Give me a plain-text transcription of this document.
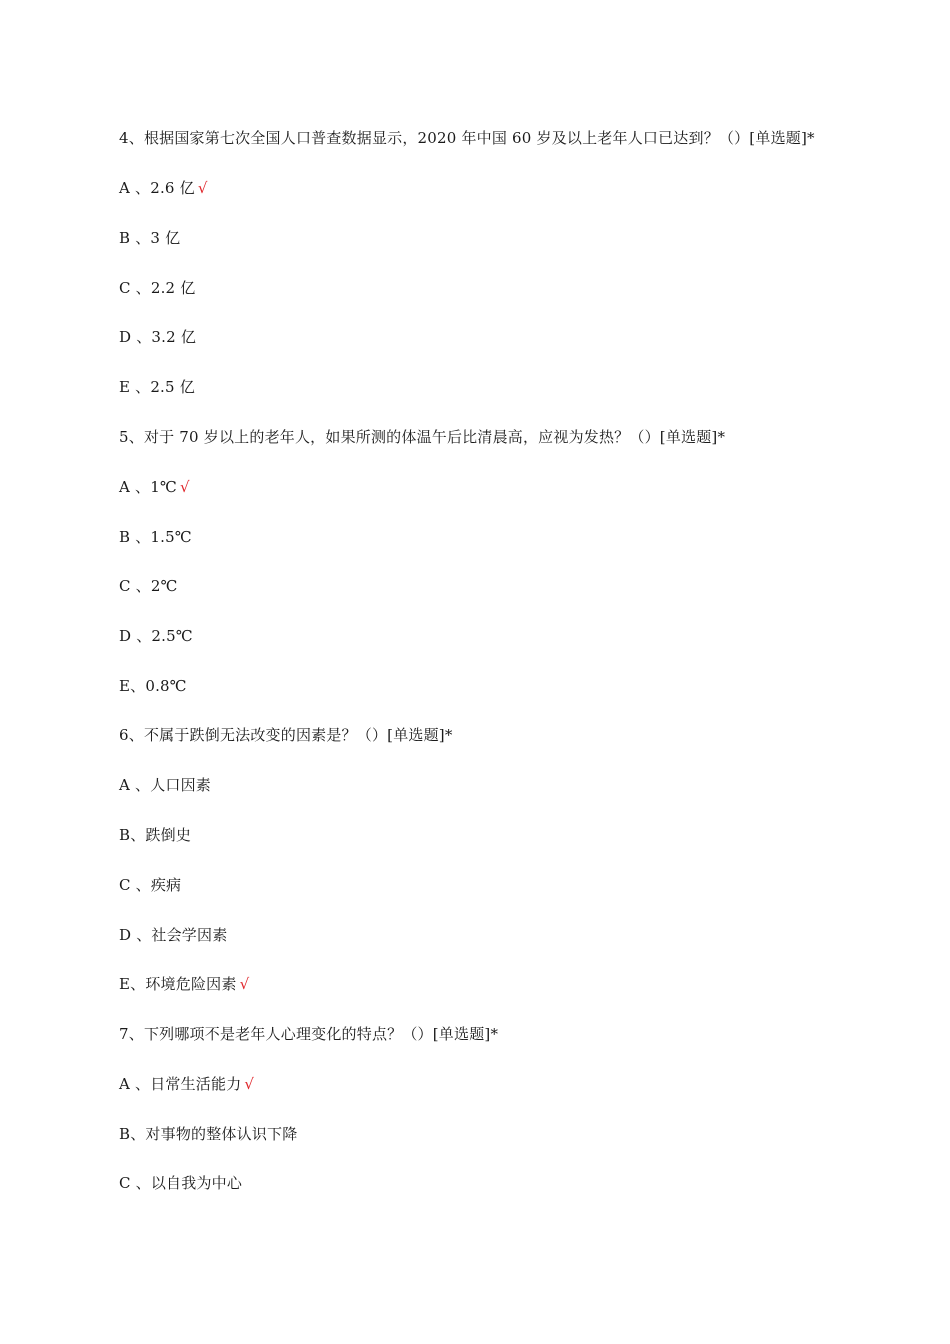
4、根据国家第七次全国人口普查数据显示，2020 年中国 60 岁及以上老年人口已达到？（）[单选题]*
A 、2.6 亿 √
B 、3 亿
C 、2.2 亿
D 、3.2 亿
E 、2.5 亿
5、对于 70 岁以上的老年人，如果所测的体温午后比清晨高，应视为发热？（）[单选题]*
A 、1℃ √
B 、1.5℃
C 、2℃
D 、2.5℃
E、0.8℃
6、不属于跌倒无法改变的因素是？（）[单选题]*
A 、人口因素
B、跌倒史
C 、疾病
D 、社会学因素
E、环境危险因素 √
7、下列哪项不是老年人心理变化的特点？（）[单选题]*
A 、日常生活能力 √
B、对事物的整体认识下降
C 、以自我为中心
